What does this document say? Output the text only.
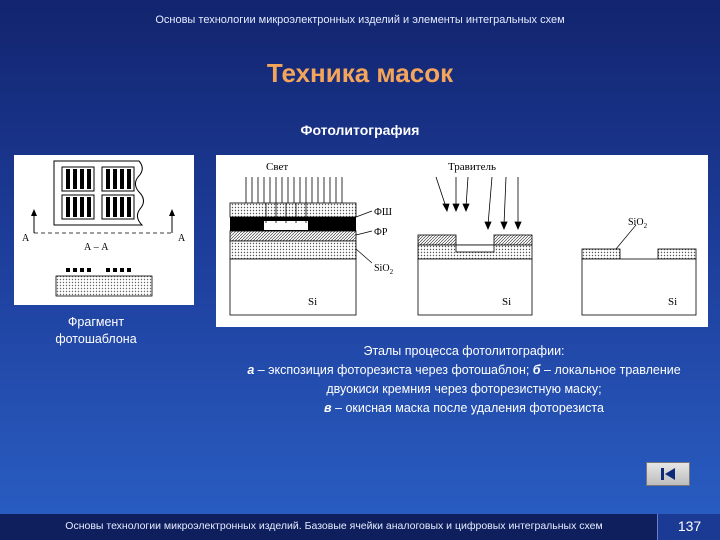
Основы технологии микроэлектронных изделий и элементы интегральных схем
Техника масок
Фотолитография
А	А
А – А
Фрагмент
фотошаблона
Свет
ФШ
ФР
SiO$_2$
Si
Травитель
Si
SiO$_2$
Si
Эталы процесса фотолитографии:
а – экспозиция фоторезиста через фотошаблон; б – локальное травление двуокиси кремния через фоторезистную маску;
в – окисная маска после удаления фоторезиста
Основы технологии микроэлектронных изделий. Базовые ячейки аналоговых и цифровых интегральных схем	137
